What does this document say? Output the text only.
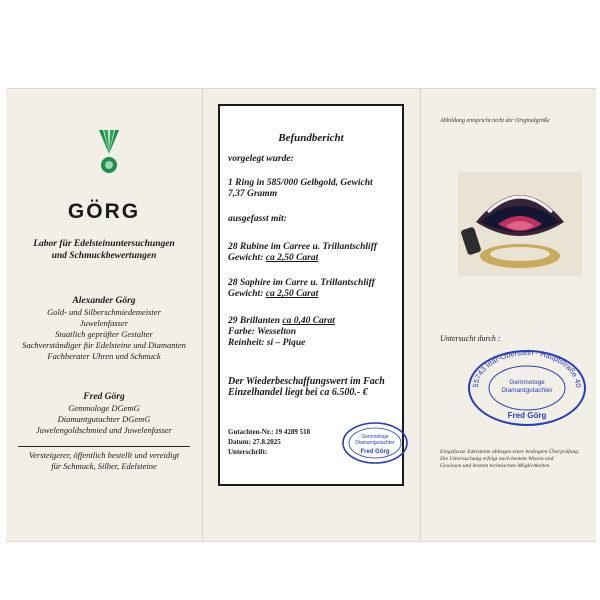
GÖRG
Labor für Edelsteinuntersuchungen
und Schmuckbewertungen
Alexander Görg
Gold- und Silberschmiedemeister
Juwelenfasser
Staatlich geprüfter Gestalter
Sachverständiger für Edelsteine und Diamanten
Fachberater Uhren und Schmuck
Fred Görg
Gemmologe DGemG
Diamantgutachter DGemG
Juwelengoldschmied und Juwelenfasser
Versteigerer, öffentlich bestellt und vereidigt
für Schmuck, Silber, Edelsteine
Befundbericht
vorgelegt wurde:
1 Ring in 585/000 Gelbgold, Gewicht
7,37 Gramm
ausgefasst mit:
28 Rubine im Carree u. Trillantschliff
Gewicht: ca 2,50 Carat
28 Saphire im Carre u. Trillantschliff
Gewicht: ca 2,50 Carat
29 Brillanten ca 0,40 Carat
Farbe: Wesselton
Reinheit: si – Pique
Der Wiederbeschaffungswert im Fach
Einzelhandel liegt bei ca 6.500.- €
Gutachten-Nr.: 19 4289 518
Datum: 27.8.2025
Unterschrift:
Gemmologe
Diamantgutachter
Fred Görg
Abbildung entspricht nicht der Originalgröße
Untersucht durch :
55743 Idar-Oberstein · Hauptstraße 40
Gemmologe
Diamantgutachter
Fred Görg
Eingefasste Edelsteine obliegen einer bedingten Überprüfung.
Die Untersuchung erfolgt nach bestem Wissen und
Gewissen und bestem technischen Möglichkeiten.
